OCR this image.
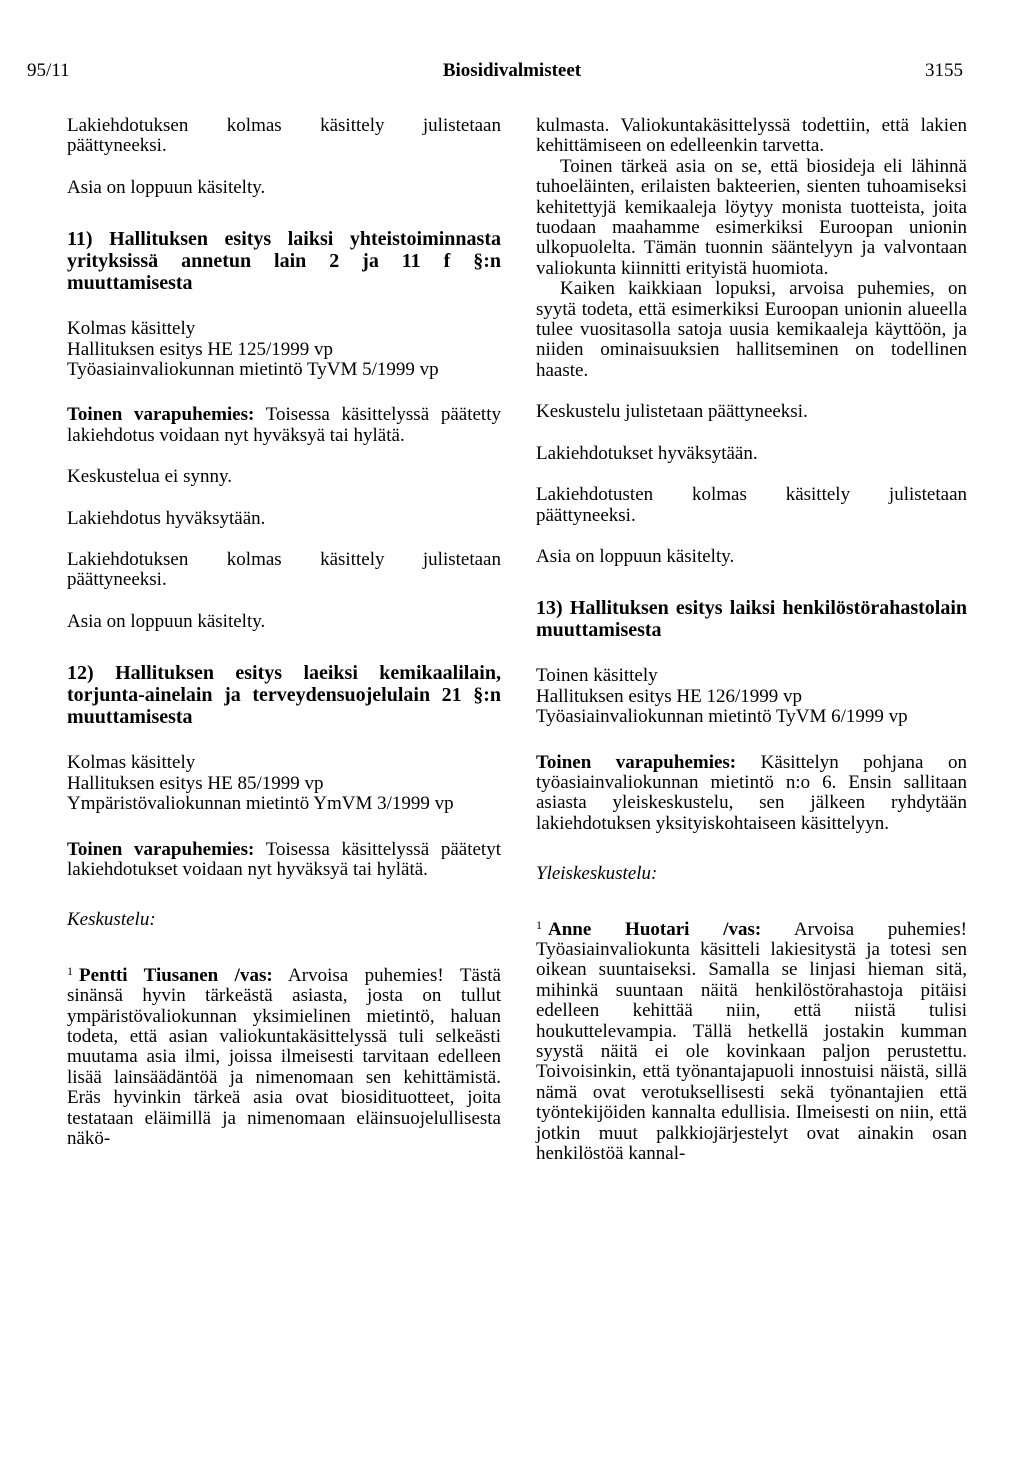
95/11	Biosidivalmisteet	3155

Lakiehdotuksen kolmas käsittely julistetaan päättyneeksi.

Asia on loppuun käsitelty.

11) Hallituksen esitys laiksi yhteistoiminnasta yrityksissä annetun lain 2 ja 11 f §:n muuttamisesta

Kolmas käsittely

Hallituksen esitys HE 125/1999 vp

Työasiainvaliokunnan mietintö TyVM 5/1999 vp

Toinen varapuhemies: Toisessa käsittelyssä päätetty lakiehdotus voidaan nyt hyväksyä tai hylätä.

Keskustelua ei synny.

Lakiehdotus hyväksytään.

Lakiehdotuksen kolmas käsittely julistetaan päättyneeksi.

Asia on loppuun käsitelty.

12) Hallituksen esitys laeiksi kemikaalilain, torjunta-ainelain ja terveydensuojelulain 21 §:n muuttamisesta

Kolmas käsittely

Hallituksen esitys HE 85/1999 vp

Ympäristövaliokunnan mietintö YmVM 3/1999 vp

Toinen varapuhemies: Toisessa käsittelyssä päätetyt lakiehdotukset voidaan nyt hyväksyä tai hylätä.

Keskustelu:

$^1$ Pentti Tiusanen /vas: Arvoisa puhemies! Tästä sinänsä hyvin tärkeästä asiasta, josta on tullut ympäristövaliokunnan yksimielinen mietintö, haluan todeta, että asian valiokuntakäsittelyssä tuli selkeästi muutama asia ilmi, joissa ilmeisesti tarvitaan edelleen lisää lainsäädäntöä ja nimenomaan sen kehittämistä. Eräs hyvinkin tärkeä asia ovat biosidituotteet, joita testataan eläimillä ja nimenomaan eläinsuojelullisesta näkö-

kulmasta. Valiokuntakäsittelyssä todettiin, että lakien kehittämiseen on edelleenkin tarvetta.

Toinen tärkeä asia on se, että biosideja eli lähinnä tuhoeläinten, erilaisten bakteerien, sienten tuhoamiseksi kehitettyjä kemikaaleja löytyy monista tuotteista, joita tuodaan maahamme esimerkiksi Euroopan unionin ulkopuolelta. Tämän tuonnin sääntelyyn ja valvontaan valiokunta kiinnitti erityistä huomiota.

Kaiken kaikkiaan lopuksi, arvoisa puhemies, on syytä todeta, että esimerkiksi Euroopan unionin alueella tulee vuositasolla satoja uusia kemikaaleja käyttöön, ja niiden ominaisuuksien hallitseminen on todellinen haaste.

Keskustelu julistetaan päättyneeksi.

Lakiehdotukset hyväksytään.

Lakiehdotusten kolmas käsittely julistetaan päättyneeksi.

Asia on loppuun käsitelty.

13) Hallituksen esitys laiksi henkilöstörahastolain muuttamisesta

Toinen käsittely

Hallituksen esitys HE 126/1999 vp

Työasiainvaliokunnan mietintö TyVM 6/1999 vp

Toinen varapuhemies: Käsittelyn pohjana on työasiainvaliokunnan mietintö n:o 6. Ensin sallitaan asiasta yleiskeskustelu, sen jälkeen ryhdytään lakiehdotuksen yksityiskohtaiseen käsittelyyn.

Yleiskeskustelu:

$^1$ Anne Huotari /vas: Arvoisa puhemies! Työasiainvaliokunta käsitteli lakiesitystä ja totesi sen oikean suuntaiseksi. Samalla se linjasi hieman sitä, mihinkä suuntaan näitä henkilöstörahastoja pitäisi edelleen kehittää niin, että niistä tulisi houkuttelevampia. Tällä hetkellä jostakin kumman syystä näitä ei ole kovinkaan paljon perustettu. Toivoisinkin, että työnantajapuoli innostuisi näistä, sillä nämä ovat verotuksellisesti sekä työnantajien että työntekijöiden kannalta edullisia. Ilmeisesti on niin, että jotkin muut palkkiojärjestelyt ovat ainakin osan henkilöstöä kannal-
